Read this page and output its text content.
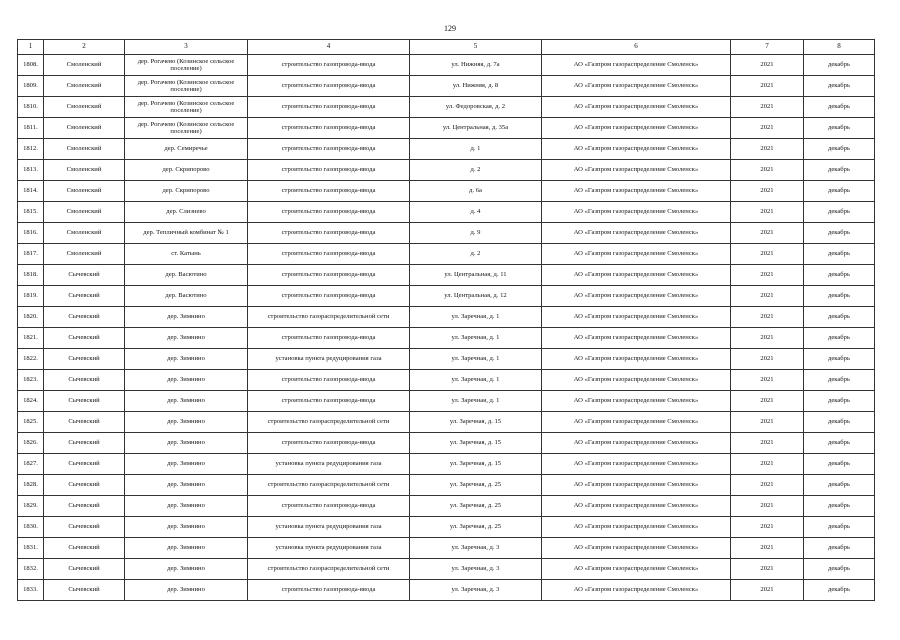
129
1	2	3	4	5	6	7	8
1808.	Смоленский	дер. Рогачево (Козинское сельское поселение)	строительство газопровода-ввода	ул. Нижняя, д. 7а	АО «Газпром газораспределение Смоленск»	2021	декабрь
1809.	Смоленский	дер. Рогачево (Козинское сельское поселение)	строительство газопровода-ввода	ул. Нижняя, д. 8	АО «Газпром газораспределение Смоленск»	2021	декабрь
1810.	Смоленский	дер. Рогачево (Козинское сельское поселение)	строительство газопровода-ввода	ул. Федоровская, д. 2	АО «Газпром газораспределение Смоленск»	2021	декабрь
1811.	Смоленский	дер. Рогачево (Козинское сельское поселение)	строительство газопровода-ввода	ул. Центральная, д. 35а	АО «Газпром газораспределение Смоленск»	2021	декабрь
1812.	Смоленский	дер. Семиречье	строительство газопровода-ввода	д. 1	АО «Газпром газораспределение Смоленск»	2021	декабрь
1813.	Смоленский	дер. Скрипорово	строительство газопровода-ввода	д. 2	АО «Газпром газораспределение Смоленск»	2021	декабрь
1814.	Смоленский	дер. Скрипорово	строительство газопровода-ввода	д. 6а	АО «Газпром газораспределение Смоленск»	2021	декабрь
1815.	Смоленский	дер. Слизнево	строительство газопровода-ввода	д. 4	АО «Газпром газораспределение Смоленск»	2021	декабрь
1816.	Смоленский	дер. Тепличный комбинат № 1	строительство газопровода-ввода	д. 9	АО «Газпром газораспределение Смоленск»	2021	декабрь
1817.	Смоленский	ст. Катынь	строительство газопровода-ввода	д. 2	АО «Газпром газораспределение Смоленск»	2021	декабрь
1818.	Сычевский	дер. Васютино	строительство газопровода-ввода	ул. Центральная, д. 11	АО «Газпром газораспределение Смоленск»	2021	декабрь
1819.	Сычевский	дер. Васютино	строительство газопровода-ввода	ул. Центральная, д. 12	АО «Газпром газораспределение Смоленск»	2021	декабрь
1820.	Сычевский	дер. Зимнино	строительство газораспределительной сети	ул. Заречная, д. 1	АО «Газпром газораспределение Смоленск»	2021	декабрь
1821.	Сычевский	дер. Зимнино	строительство газопровода-ввода	ул. Заречная, д. 1	АО «Газпром газораспределение Смоленск»	2021	декабрь
1822.	Сычевский	дер. Зимнино	установка пункта редуцирования газа	ул. Заречная, д. 1	АО «Газпром газораспределение Смоленск»	2021	декабрь
1823.	Сычевский	дер. Зимнино	строительство газопровода-ввода	ул. Заречная, д. 1	АО «Газпром газораспределение Смоленск»	2021	декабрь
1824.	Сычевский	дер. Зимнино	строительство газопровода-ввода	ул. Заречная, д. 1	АО «Газпром газораспределение Смоленск»	2021	декабрь
1825.	Сычевский	дер. Зимнино	строительство газораспределительной сети	ул. Заречная, д. 15	АО «Газпром газораспределение Смоленск»	2021	декабрь
1826.	Сычевский	дер. Зимнино	строительство газопровода-ввода	ул. Заречная, д. 15	АО «Газпром газораспределение Смоленск»	2021	декабрь
1827.	Сычевский	дер. Зимнино	установка пункта редуцирования газа	ул. Заречная, д. 15	АО «Газпром газораспределение Смоленск»	2021	декабрь
1828.	Сычевский	дер. Зимнино	строительство газораспределительной сети	ул. Заречная, д. 25	АО «Газпром газораспределение Смоленск»	2021	декабрь
1829.	Сычевский	дер. Зимнино	строительство газопровода-ввода	ул. Заречная, д. 25	АО «Газпром газораспределение Смоленск»	2021	декабрь
1830.	Сычевский	дер. Зимнино	установка пункта редуцирования газа	ул. Заречная, д. 25	АО «Газпром газораспределение Смоленск»	2021	декабрь
1831.	Сычевский	дер. Зимнино	установка пункта редуцирования газа	ул. Заречная, д. 3	АО «Газпром газораспределение Смоленск»	2021	декабрь
1832.	Сычевский	дер. Зимнино	строительство газораспределительной сети	ул. Заречная, д. 3	АО «Газпром газораспределение Смоленск»	2021	декабрь
1833.	Сычевский	дер. Зимнино	строительство газопровода-ввода	ул. Заречная, д. 3	АО «Газпром газораспределение Смоленск»	2021	декабрь
